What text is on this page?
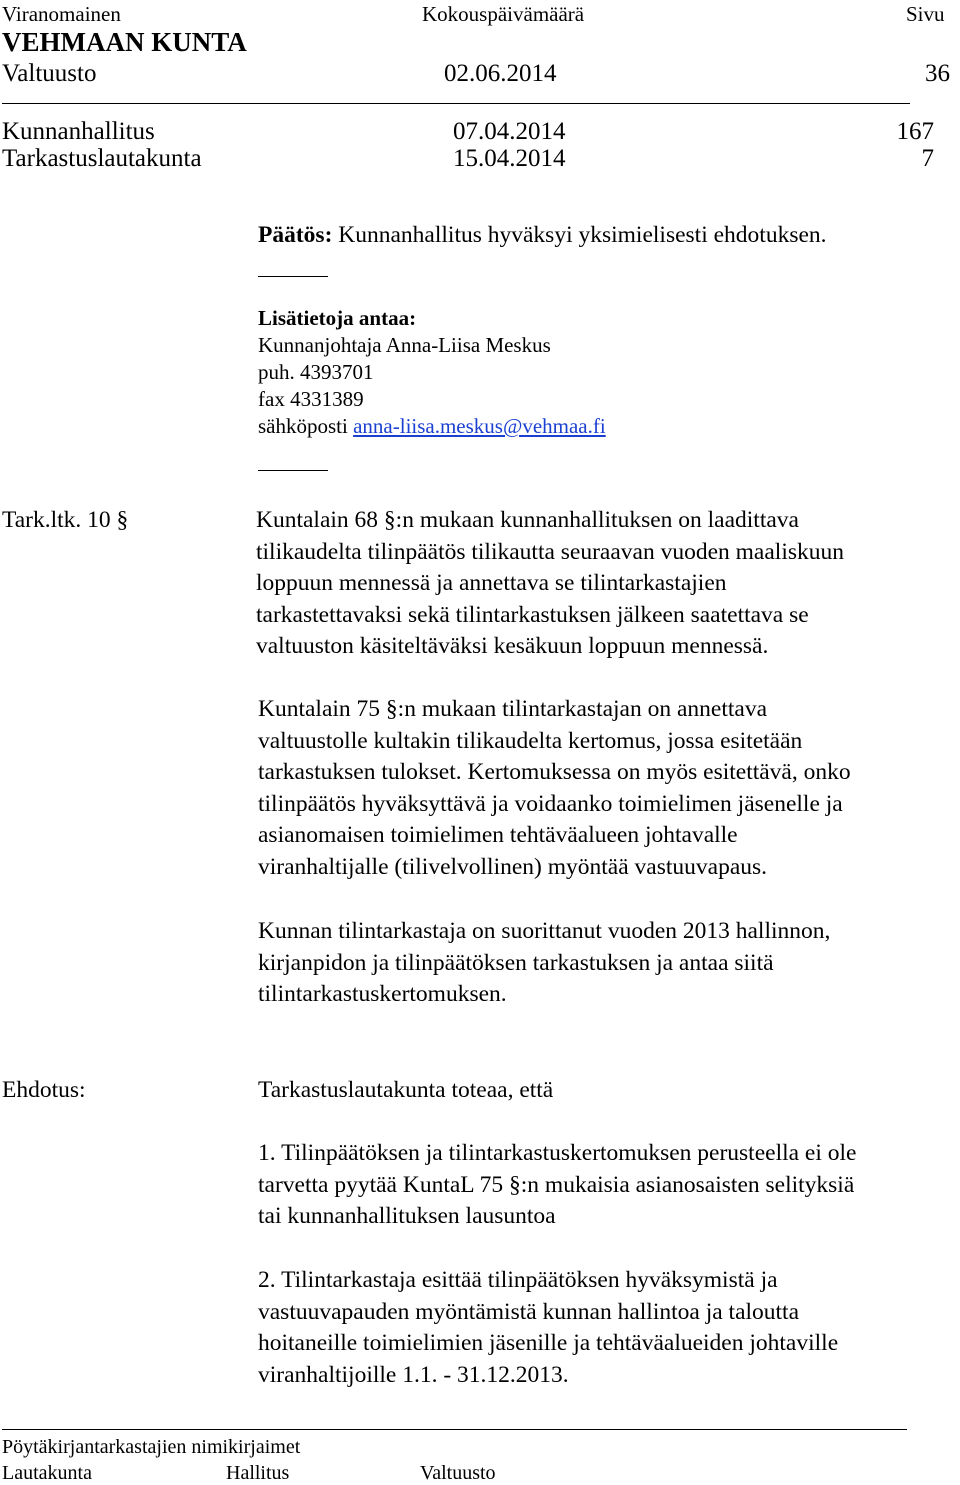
Viranomainen	Kokouspäivämäärä	Sivu
VEHMAAN KUNTA
Valtuusto	02.06.2014	36
Kunnanhallitus	07.04.2014	167
Tarkastuslautakunta	15.04.2014	7
Päätös: Kunnanhallitus hyväksyi yksimielisesti ehdotuksen.
Lisätietoja antaa:
Kunnanjohtaja Anna-Liisa Meskus
puh. 4393701
fax 4331389
sähköposti anna-liisa.meskus@vehmaa.fi
Tark.ltk. 10 §	Kuntalain 68 §:n mukaan kunnanhallituksen on laadittava
tilikaudelta tilinpäätös tilikautta seuraavan vuoden maaliskuun
loppuun mennessä ja annettava se tilintarkastajien
tarkastettavaksi sekä tilintarkastuksen jälkeen saatettava se
valtuuston käsiteltäväksi kesäkuun loppuun mennessä.
Kuntalain 75 §:n mukaan tilintarkastajan on annettava
valtuustolle kultakin tilikaudelta kertomus, jossa esitetään
tarkastuksen tulokset. Kertomuksessa on myös esitettävä, onko
tilinpäätös hyväksyttävä ja voidaanko toimielimen jäsenelle ja
asianomaisen toimielimen tehtäväalueen johtavalle
viranhaltijalle (tilivelvollinen) myöntää vastuuvapaus.
Kunnan tilintarkastaja on suorittanut vuoden 2013 hallinnon,
kirjanpidon ja tilinpäätöksen tarkastuksen ja antaa siitä
tilintarkastuskertomuksen.
Ehdotus:	Tarkastuslautakunta toteaa, että
1. Tilinpäätöksen ja tilintarkastuskertomuksen perusteella ei ole
tarvetta pyytää KuntaL 75 §:n mukaisia asianosaisten selityksiä
tai kunnanhallituksen lausuntoa
2. Tilintarkastaja esittää tilinpäätöksen hyväksymistä ja
vastuuvapauden myöntämistä kunnan hallintoa ja taloutta
hoitaneille toimielimien jäsenille ja tehtäväalueiden johtaville
viranhaltijoille 1.1. - 31.12.2013.
Pöytäkirjantarkastajien nimikirjaimet
Lautakunta	Hallitus	Valtuusto
